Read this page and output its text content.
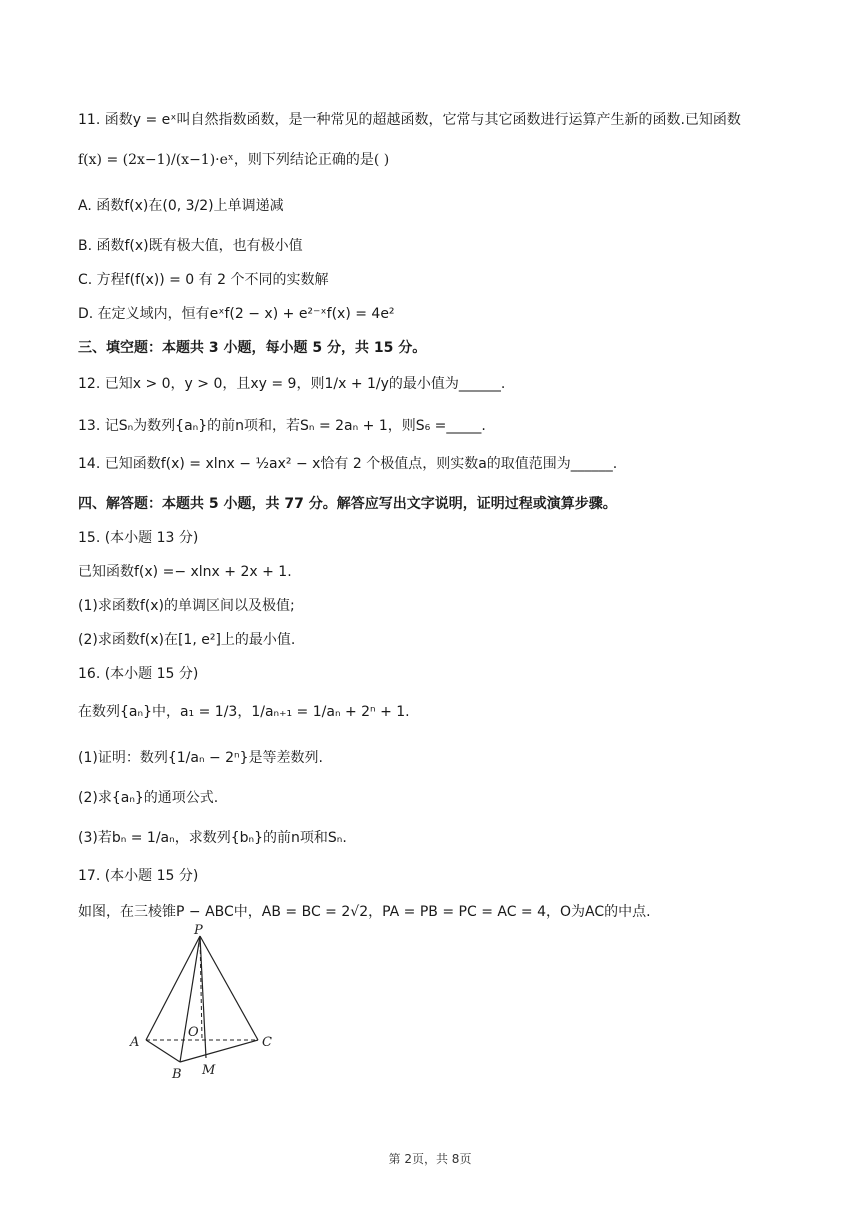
11. 函数y = eˣ叫自然指数函数，是一种常见的超越函数，它常与其它函数进行运算产生新的函数.已知函数
f(x) = (2x−1)/(x−1)·eˣ，则下列结论正确的是( )
A. 函数f(x)在(0, 3/2)上单调递减
B. 函数f(x)既有极大值，也有极小值
C. 方程f(f(x)) = 0 有 2 个不同的实数解
D. 在定义域内，恒有eˣf(2 − x) + e²⁻ˣf(x) = 4e²
三、填空题：本题共 3 小题，每小题 5 分，共 15 分。
12. 已知x > 0，y > 0，且xy = 9，则1/x + 1/y的最小值为______.
13. 记Sₙ为数列{aₙ}的前n项和，若Sₙ = 2aₙ + 1，则S₆ =_____.
14. 已知函数f(x) = xlnx − ½ax² − x恰有 2 个极值点，则实数a的取值范围为______.
四、解答题：本题共 5 小题，共 77 分。解答应写出文字说明，证明过程或演算步骤。
15. (本小题 13 分)
已知函数f(x) =− xlnx + 2x + 1.
(1)求函数f(x)的单调区间以及极值;
(2)求函数f(x)在[1, e²]上的最小值.
16. (本小题 15 分)
在数列{aₙ}中，a₁ = 1/3，1/aₙ₊₁ = 1/aₙ + 2ⁿ + 1.
(1)证明：数列{1/aₙ − 2ⁿ}是等差数列.
(2)求{aₙ}的通项公式.
(3)若bₙ = 1/aₙ，求数列{bₙ}的前n项和Sₙ.
17. (本小题 15 分)
如图，在三棱锥P − ABC中，AB = BC = 2√2，PA = PB = PC = AC = 4，O为AC的中点.
P
A
B
C
O
M
第 2页，共 8页
